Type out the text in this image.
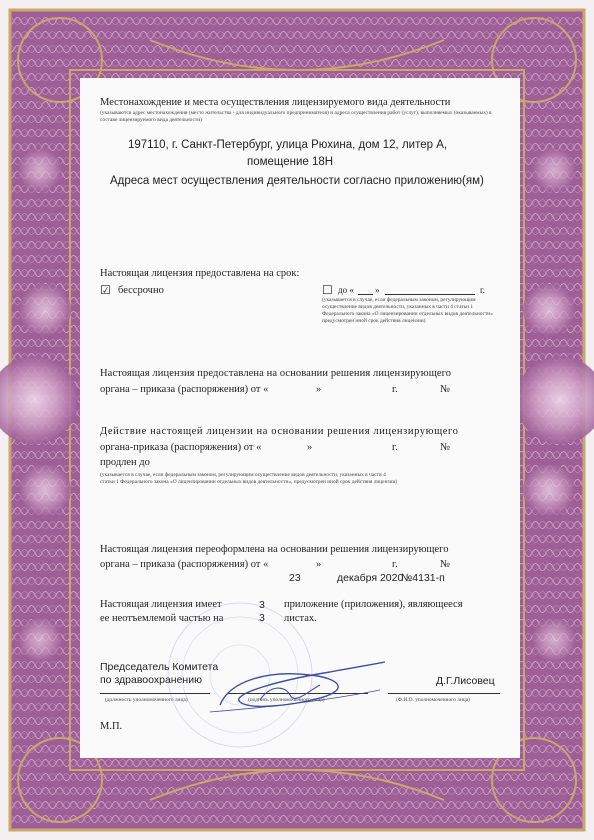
Местонахождение и места осуществления лицензируемого вида деятельности

(указываются адрес местонахождения (место жительства - для индивидуального предпринимателя) и адреса осуществления работ (услуг), выполняемых (оказываемых) в составе лицензируемого вида деятельности)

197110, г. Санкт-Петербург, улица Рюхина, дом 12, литер А,

помещение 18Н

Адреса мест осуществления деятельности согласно приложению(ям)

Настоящая лицензия предоставлена на срок:

☑ бессрочно	☐ до « »	г.

(указывается в случае, если федеральным законом, регулирующим осуществление видов деятельности, указанных в части 4 статьи 1 Федерального закона «О лицензировании отдельных видов деятельности» предусмотрен иной срок действия лицензии)

Настоящая лицензия предоставлена на основании решения лицензирующего

органа – приказа (распоряжения) от «	»	г.	№

Действие настоящей лицензии на основании решения лицензирующего

органа-приказа (распоряжения) от «	»	г.	№

продлен до

(указывается в случае, если федеральным законом, регулирующим осуществление видов деятельности, указанных в части 4 статьи 1 Федерального закона «О лицензировании отдельных видов деятельности», предусмотрен иной срок действия лицензии)

Настоящая лицензия переоформлена на основании решения лицензирующего

органа – приказа (распоряжения) от «	»	г.	№
23	декабря 2020
№4131-п
Настоящая лицензия имеет	3 приложение (приложения), являющееся
ее неотъемлемой частью на	3 листах.

Председатель Комитета

по здравоохранению	Д.Г.Лисовец

(должность уполномоченного лица)	(подпись уполномоченного лица)	(Ф.И.О. уполномоченного лица)

М.П.
